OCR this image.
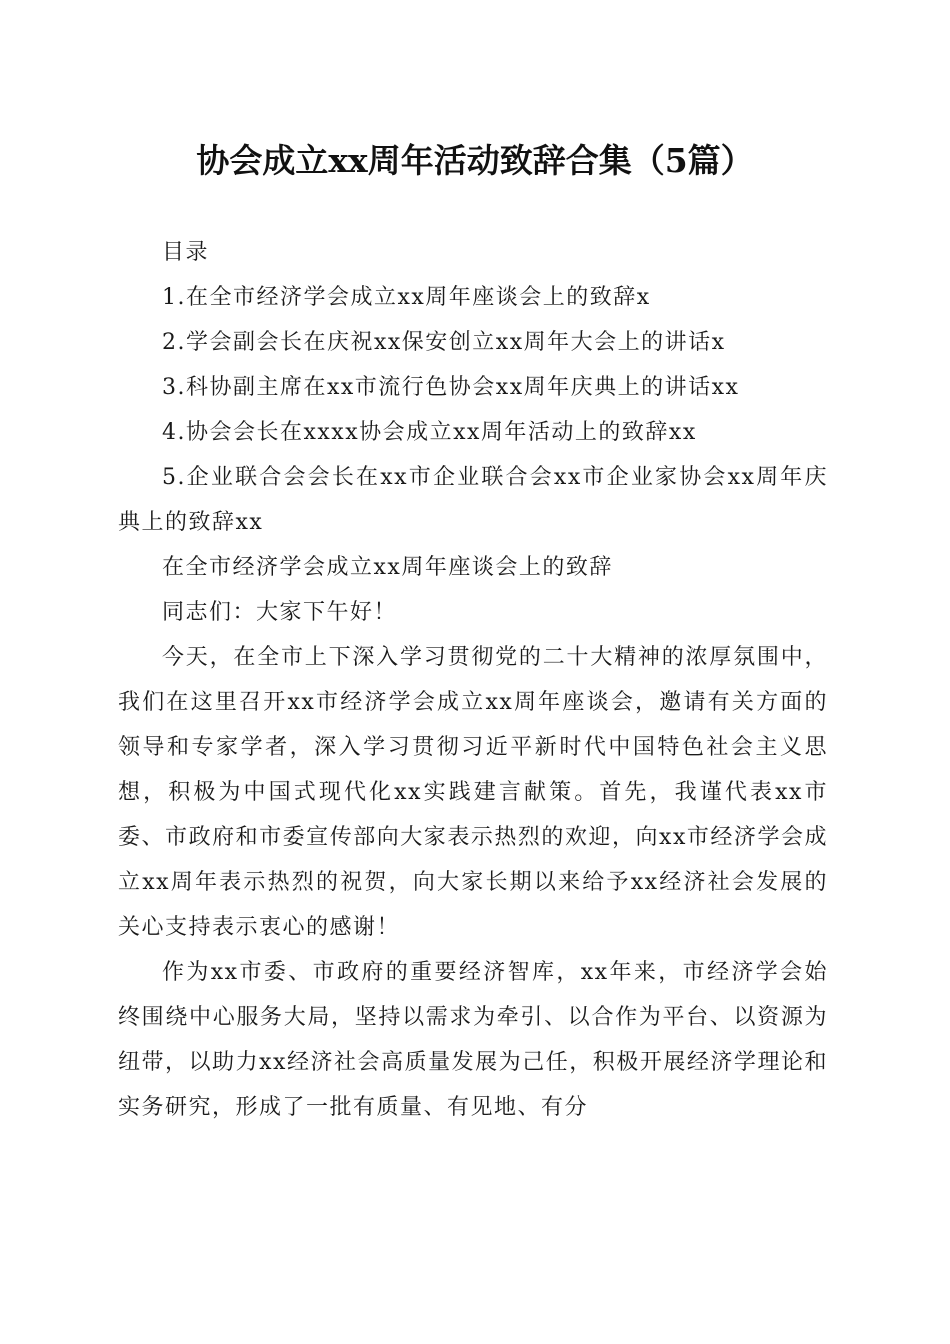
协会成立xx周年活动致辞合集（5篇）

目录

1.在全市经济学会成立xx周年座谈会上的致辞x

2.学会副会长在庆祝xx保安创立xx周年大会上的讲话x

3.科协副主席在xx市流行色协会xx周年庆典上的讲话xx

4.协会会长在xxxx协会成立xx周年活动上的致辞xx

5.企业联合会会长在xx市企业联合会xx市企业家协会xx周年庆典上的致辞xx

在全市经济学会成立xx周年座谈会上的致辞

同志们：大家下午好！

今天，在全市上下深入学习贯彻党的二十大精神的浓厚氛围中，我们在这里召开xx市经济学会成立xx周年座谈会，邀请有关方面的领导和专家学者，深入学习贯彻习近平新时代中国特色社会主义思想，积极为中国式现代化xx实践建言献策。首先，我谨代表xx市委、市政府和市委宣传部向大家表示热烈的欢迎，向xx市经济学会成立xx周年表示热烈的祝贺，向大家长期以来给予xx经济社会发展的关心支持表示衷心的感谢！

作为xx市委、市政府的重要经济智库，xx年来，市经济学会始终围绕中心服务大局，坚持以需求为牵引、以合作为平台、以资源为纽带，以助力xx经济社会高质量发展为己任，积极开展经济学理论和实务研究，形成了一批有质量、有见地、有分
